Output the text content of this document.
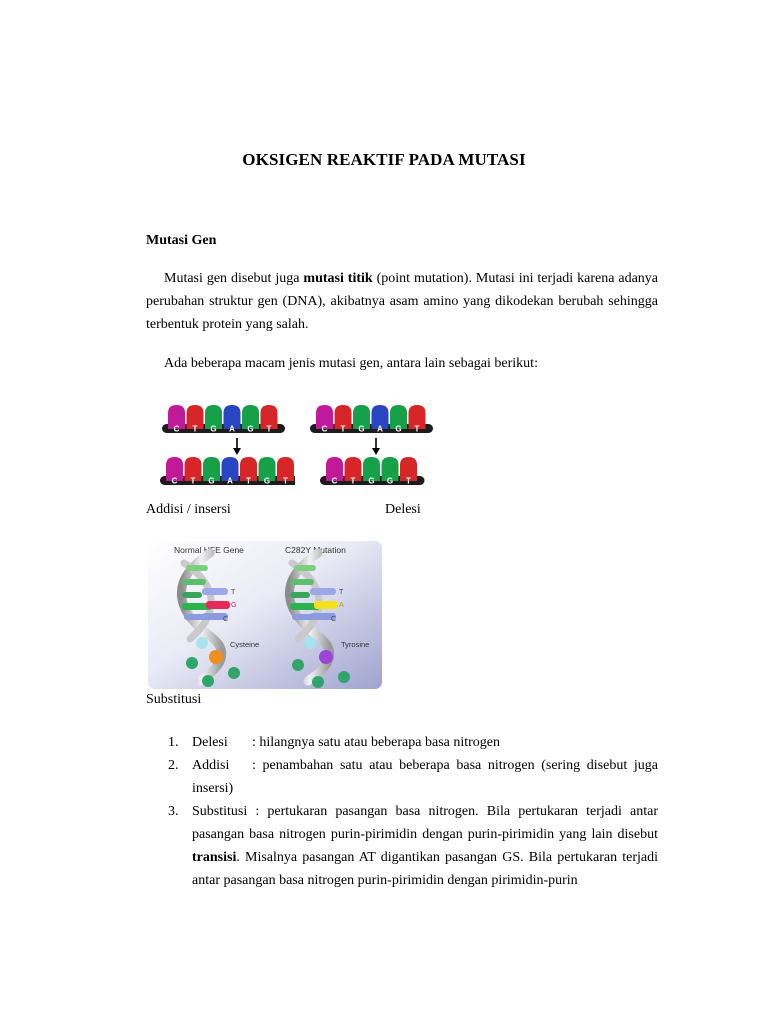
OKSIGEN REAKTIF PADA MUTASI
Mutasi Gen
Mutasi gen disebut juga mutasi titik (point mutation). Mutasi ini terjadi karena adanya perubahan struktur gen (DNA), akibatnya asam amino yang dikodekan berubah sehingga terbentuk protein yang salah.
Ada beberapa macam jenis mutasi gen, antara lain sebagai berikut:
C T G A G T
C T G A T G T
C T G A G T
C T G G T
Addisi / insersi	Delesi
Normal HFE Gene	C282Y Mutation
T
G
C
Cysteine
T
A
C
Tyrosine
Substitusi
1. Delesi : hilangnya satu atau beberapa basa nitrogen
2. Addisi : penambahan satu atau beberapa basa nitrogen (sering disebut juga insersi)
3. Substitusi : pertukaran pasangan basa nitrogen. Bila pertukaran terjadi antar pasangan basa nitrogen purin-pirimidin dengan purin-pirimidin yang lain disebut transisi. Misalnya pasangan AT digantikan pasangan GS. Bila pertukaran terjadi antar pasangan basa nitrogen purin-pirimidin dengan pirimidin-purin
